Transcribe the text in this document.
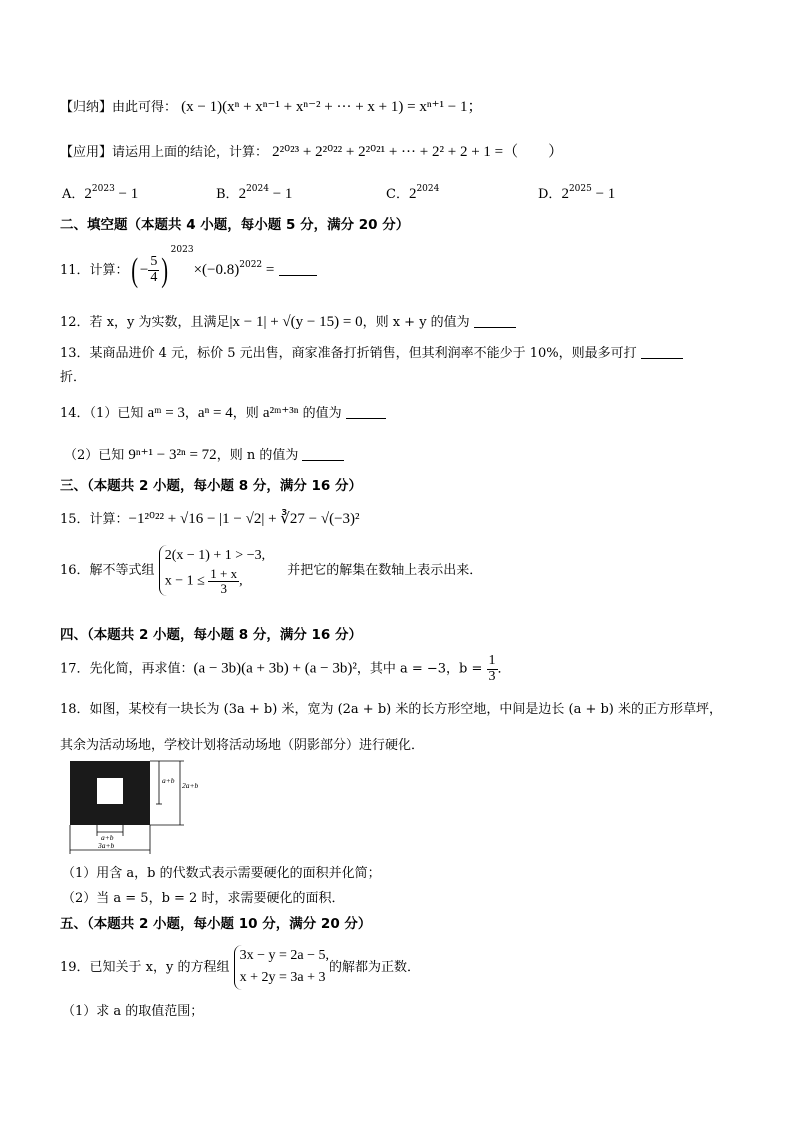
【归纳】由此可得： (x − 1)(xⁿ + xⁿ⁻¹ + xⁿ⁻² + ··· + x + 1) = xⁿ⁺¹ − 1；
【应用】请运用上面的结论，计算： 2²⁰²³ + 2²⁰²² + 2²⁰²¹ + ··· + 2² + 2 + 1 =（　　）
A．$2^{2023} - 1$	B．$2^{2024} - 1$	C．$2^{2024}$	D．$2^{2025} - 1$
二、填空题（本题共 4 小题，每小题 5 分，满分 20 分）
11．计算：( − $\frac{5}{4} )^{2023}\times(-0.8)^{2022}$ =
12．若 x，y 为实数，且满足|x − 1| + √(y − 15) = 0，则 x + y 的值为
13．某商品进价 4 元，标价 5 元出售，商家准备打折销售，但其利润率不能少于 10%，则最多可打
折．
14．（1）已知 aᵐ = 3，aⁿ = 4，则 a²ᵐ⁺³ⁿ 的值为
（2）已知 9ⁿ⁺¹ − 3²ⁿ = 72，则 n 的值为
三、（本题共 2 小题，每小题 8 分，满分 16 分）
15．计算：−1²⁰²² + √16 − |1 − √2| + ∛27 − √(−3)²
16．解不等式组
2(x − 1) + 1 > −3,
$x - 1 \le \frac{1 + x}{3}$ ,
并把它的解集在数轴上表示出来．
四、（本题共 2 小题，每小题 8 分，满分 16 分）
17．先化简，再求值：(a − 3b)(a + 3b) + (a − 3b)²，其中 a = −3，$b = \frac{1}{3}$ ．
18．如图，某校有一块长为 (3a + b) 米，宽为 (2a + b) 米的长方形空地，中间是边长 (a + b) 米的正方形草坪，
其余为活动场地，学校计划将活动场地（阴影部分）进行硬化．
a+b
2a+b
a+b
3a+b
（1）用含 a，b 的代数式表示需要硬化的面积并化简；
（2）当 a = 5，b = 2 时，求需要硬化的面积．
五、（本题共 2 小题，每小题 10 分，满分 20 分）
19．已知关于 x，y 的方程组
3x − y = 2a − 5,
x + 2y = 3a + 3
的解都为正数．
（1）求 a 的取值范围；
